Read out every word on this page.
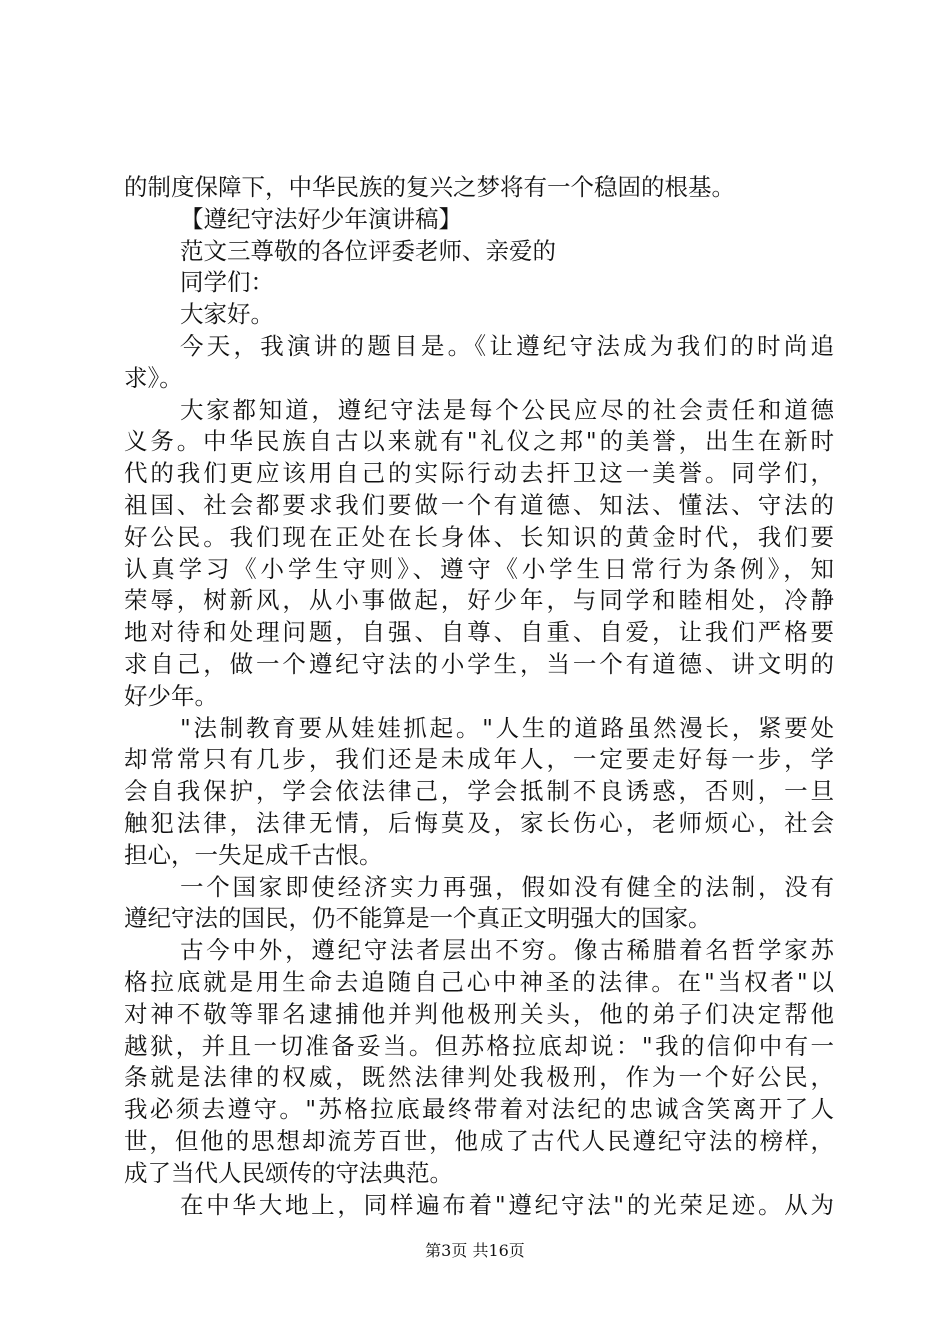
的制度保障下，中华民族的复兴之梦将有一个稳固的根基。
【遵纪守法好少年演讲稿】
范文三尊敬的各位评委老师、亲爱的
同学们：
大家好。
今天，我演讲的题目是。《让遵纪守法成为我们的时尚追
求》。
大家都知道，遵纪守法是每个公民应尽的社会责任和道德
义务。中华民族自古以来就有"礼仪之邦"的美誉，出生在新时
代的我们更应该用自己的实际行动去扞卫这一美誉。同学们，
祖国、社会都要求我们要做一个有道德、知法、懂法、守法的
好公民。我们现在正处在长身体、长知识的黄金时代，我们要
认真学习《小学生守则》、遵守《小学生日常行为条例》，知
荣辱，树新风，从小事做起，好少年，与同学和睦相处，冷静
地对待和处理问题，自强、自尊、自重、自爱，让我们严格要
求自己，做一个遵纪守法的小学生，当一个有道德、讲文明的
好少年。
"法制教育要从娃娃抓起。"人生的道路虽然漫长，紧要处
却常常只有几步，我们还是未成年人，一定要走好每一步，学
会自我保护，学会依法律己，学会抵制不良诱惑，否则，一旦
触犯法律，法律无情，后悔莫及，家长伤心，老师烦心，社会
担心，一失足成千古恨。
一个国家即使经济实力再强，假如没有健全的法制，没有
遵纪守法的国民，仍不能算是一个真正文明强大的国家。
古今中外，遵纪守法者层出不穷。像古稀腊着名哲学家苏
格拉底就是用生命去追随自己心中神圣的法律。在"当权者"以
对神不敬等罪名逮捕他并判他极刑关头，他的弟子们决定帮他
越狱，并且一切准备妥当。但苏格拉底却说："我的信仰中有一
条就是法律的权威，既然法律判处我极刑，作为一个好公民，
我必须去遵守。"苏格拉底最终带着对法纪的忠诚含笑离开了人
世，但他的思想却流芳百世，他成了古代人民遵纪守法的榜样，
成了当代人民颂传的守法典范。
在中华大地上，同样遍布着"遵纪守法"的光荣足迹。从为
第3页 共16页
